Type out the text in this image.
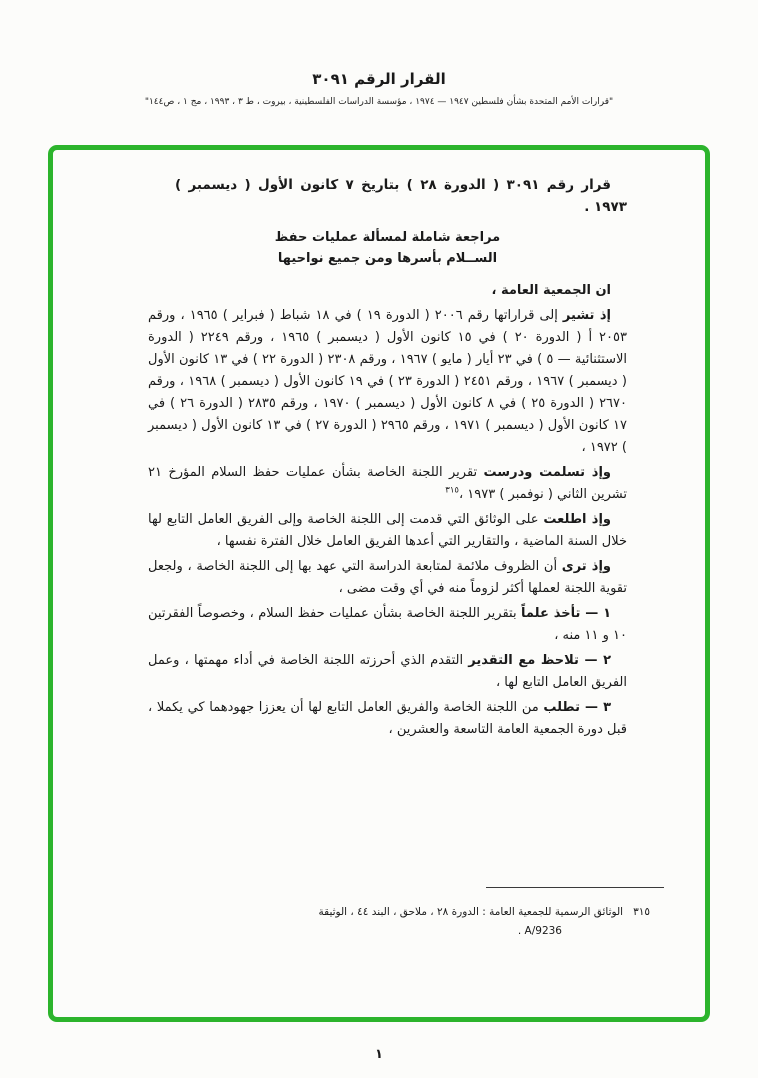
القرار الرقم ٣٠٩١
"قرارات الأمم المتحدة بشأن فلسطين ١٩٤٧ — ١٩٧٤ ، مؤسسة الدراسات الفلسطينية ، بيروت ، ط ٣ ، ١٩٩٣ ، مج ١ ، ص١٤٤"

قرار رقم ٣٠٩١ ( الدورة ٢٨ ) بتاريخ ٧ كانون الأول ( ديسمبر ) ١٩٧٣ .

مراجعة شاملة لمسألة عمليات حفظ
الســلام بأسرها ومن جميع نواحيها

ان الجمعية العامة ،

إذ تشير إلى قراراتها رقم ٢٠٠٦ ( الدورة ١٩ ) في ١٨ شباط ( فبراير ) ١٩٦٥ ، ورقم ٢٠٥٣ أ ( الدورة ٢٠ ) في ١٥ كانون الأول ( ديسمبر ) ١٩٦٥ ، ورقم ٢٢٤٩ ( الدورة الاستثنائية — ٥ ) في ٢٣ أيار ( مايو ) ١٩٦٧ ، ورقم ٢٣٠٨ ( الدورة ٢٢ ) في ١٣ كانون الأول ( ديسمبر ) ١٩٦٧ ، ورقم ٢٤٥١ ( الدورة ٢٣ ) في ١٩ كانون الأول ( ديسمبر ) ١٩٦٨ ، ورقم ٢٦٧٠ ( الدورة ٢٥ ) في ٨ كانون الأول ( ديسمبر ) ١٩٧٠ ، ورقم ٢٨٣٥ ( الدورة ٢٦ ) في ١٧ كانون الأول ( ديسمبر ) ١٩٧١ ، ورقم ٢٩٦٥ ( الدورة ٢٧ ) في ١٣ كانون الأول ( ديسمبر ) ١٩٧٢ ،

وإذ تسلمت ودرست تقرير اللجنة الخاصة بشأن عمليات حفظ السلام المؤرخ ٢١ تشرين الثاني ( نوفمبر ) ١٩٧٣ ،$^{٣١٥}$

وإذ اطلعت على الوثائق التي قدمت إلى اللجنة الخاصة وإلى الفريق العامل التابع لها خلال السنة الماضية ، والتقارير التي أعدها الفريق العامل خلال الفترة نفسها ،

وإذ ترى أن الظروف ملائمة لمتابعة الدراسة التي عهد بها إلى اللجنة الخاصة ، ولجعل تقوية اللجنة لعملها أكثر لزوماً منه في أي وقت مضى ،

١ — تأخذ علماً بتقرير اللجنة الخاصة بشأن عمليات حفظ السلام ، وخصوصاً الفقرتين ١٠ و ١١ منه ،

٢ — تلاحظ مع التقدير التقدم الذي أحرزته اللجنة الخاصة في أداء مهمتها ، وعمل الفريق العامل التابع لها ،

٣ — تطلب من اللجنة الخاصة والفريق العامل التابع لها أن يعززا جهودهما كي يكملا ، قبل دورة الجمعية العامة التاسعة والعشرين ،

٣١٥الوثائق الرسمية للجمعية العامة : الدورة ٢٨ ، ملاحق ، البند ٤٤ ، الوثيقة
A/9236 .
١
